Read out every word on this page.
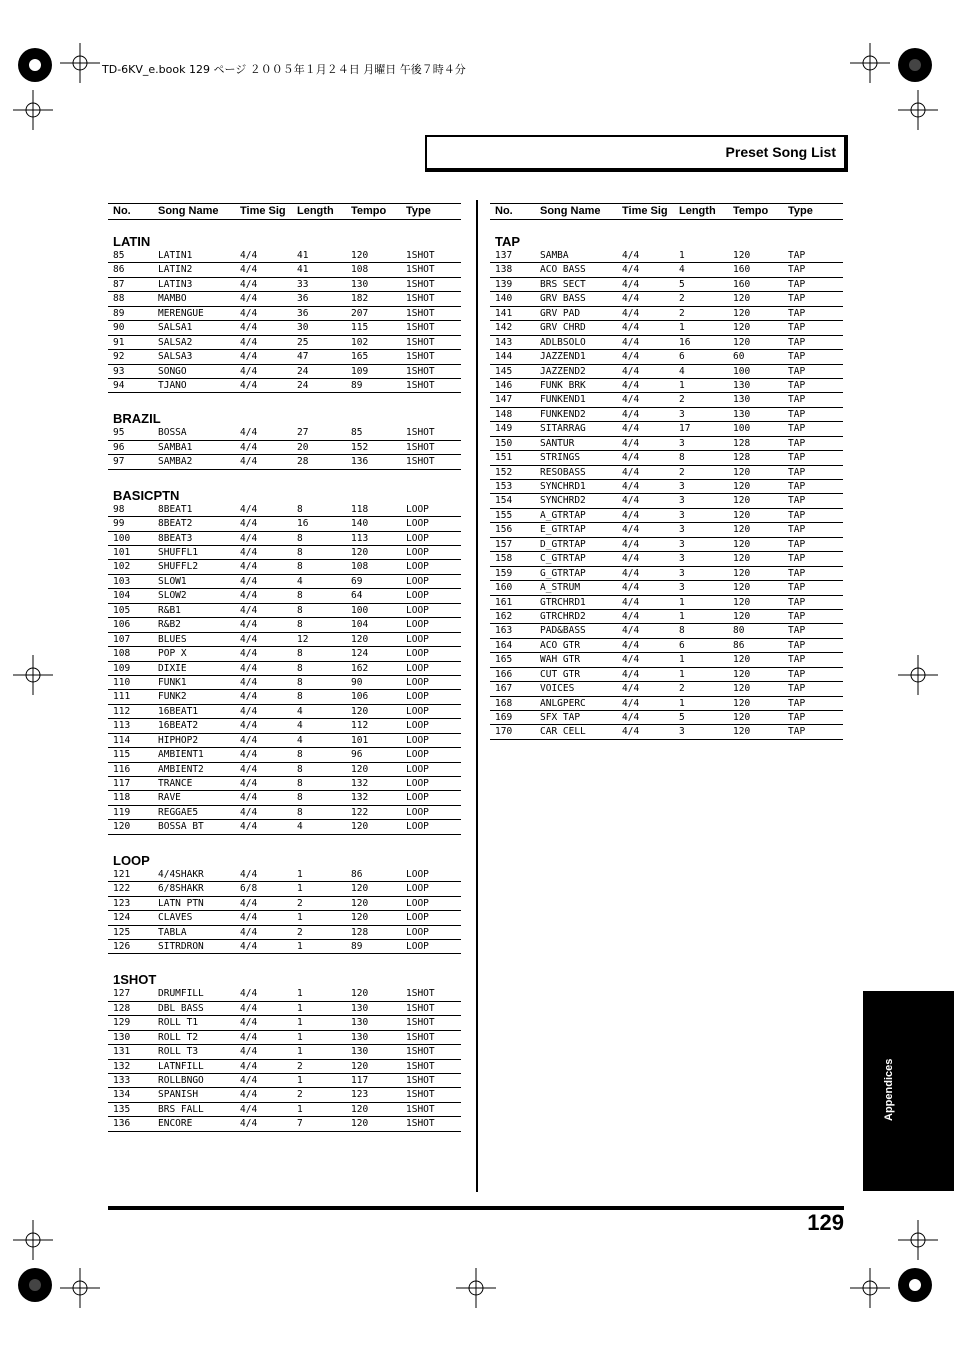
TD-6KV_e.book 129 ページ ２００５年１月２４日 月曜日 午後７時４分
Preset Song List
No. Song Name Time Sig Length Tempo Type
LATIN
85	LATIN1	4/4	41	120	1SHOT
86	LATIN2	4/4	41	108	1SHOT
87	LATIN3	4/4	33	130	1SHOT
88	MAMBO	4/4	36	182	1SHOT
89	MERENGUE	4/4	36	207	1SHOT
90	SALSA1	4/4	30	115	1SHOT
91	SALSA2	4/4	25	102	1SHOT
92	SALSA3	4/4	47	165	1SHOT
93	SONGO	4/4	24	109	1SHOT
94	TJANO	4/4	24	89	1SHOT
BRAZIL
95	BOSSA	4/4	27	85	1SHOT
96	SAMBA1	4/4	20	152	1SHOT
97	SAMBA2	4/4	28	136	1SHOT
BASICPTN
98	8BEAT1	4/4	8	118	LOOP
99	8BEAT2	4/4	16	140	LOOP
100	8BEAT3	4/4	8	113	LOOP
101	SHUFFL1	4/4	8	120	LOOP
102	SHUFFL2	4/4	8	108	LOOP
103	SLOW1	4/4	4	69	LOOP
104	SLOW2	4/4	8	64	LOOP
105	R&B1	4/4	8	100	LOOP
106	R&B2	4/4	8	104	LOOP
107	BLUES	4/4	12	120	LOOP
108	POP X	4/4	8	124	LOOP
109	DIXIE	4/4	8	162	LOOP
110	FUNK1	4/4	8	90	LOOP
111	FUNK2	4/4	8	106	LOOP
112	16BEAT1	4/4	4	120	LOOP
113	16BEAT2	4/4	4	112	LOOP
114	HIPHOP2	4/4	4	101	LOOP
115	AMBIENT1	4/4	8	96	LOOP
116	AMBIENT2	4/4	8	120	LOOP
117	TRANCE	4/4	8	132	LOOP
118	RAVE	4/4	8	132	LOOP
119	REGGAE5	4/4	8	122	LOOP
120	BOSSA BT	4/4	4	120	LOOP
LOOP
121	4/4SHAKR	4/4	1	86	LOOP
122	6/8SHAKR	6/8	1	120	LOOP
123	LATN PTN	4/4	2	120	LOOP
124	CLAVES	4/4	1	120	LOOP
125	TABLA	4/4	2	128	LOOP
126	SITRDRON	4/4	1	89	LOOP
1SHOT
127	DRUMFILL	4/4	1	120	1SHOT
128	DBL BASS	4/4	1	130	1SHOT
129	ROLL T1	4/4	1	130	1SHOT
130	ROLL T2	4/4	1	130	1SHOT
131	ROLL T3	4/4	1	130	1SHOT
132	LATNFILL	4/4	2	120	1SHOT
133	ROLLBNGO	4/4	1	117	1SHOT
134	SPANISH	4/4	2	123	1SHOT
135	BRS FALL	4/4	1	120	1SHOT
136	ENCORE	4/4	7	120	1SHOT
No. Song Name Time Sig Length Tempo Type
TAP
137	SAMBA	4/4	1	120	TAP
138	ACO BASS	4/4	4	160	TAP
139	BRS SECT	4/4	5	160	TAP
140	GRV BASS	4/4	2	120	TAP
141	GRV PAD	4/4	2	120	TAP
142	GRV CHRD	4/4	1	120	TAP
143	ADLBSOLO	4/4	16	120	TAP
144	JAZZEND1	4/4	6	60	TAP
145	JAZZEND2	4/4	4	100	TAP
146	FUNK BRK	4/4	1	130	TAP
147	FUNKEND1	4/4	2	130	TAP
148	FUNKEND2	4/4	3	130	TAP
149	SITARRAG	4/4	17	100	TAP
150	SANTUR	4/4	3	128	TAP
151	STRINGS	4/4	8	128	TAP
152	RESOBASS	4/4	2	120	TAP
153	SYNCHRD1	4/4	3	120	TAP
154	SYNCHRD2	4/4	3	120	TAP
155	A_GTRTAP	4/4	3	120	TAP
156	E_GTRTAP	4/4	3	120	TAP
157	D_GTRTAP	4/4	3	120	TAP
158	C_GTRTAP	4/4	3	120	TAP
159	G_GTRTAP	4/4	3	120	TAP
160	A_STRUM	4/4	3	120	TAP
161	GTRCHRD1	4/4	1	120	TAP
162	GTRCHRD2	4/4	1	120	TAP
163	PAD&BASS	4/4	8	80	TAP
164	ACO GTR	4/4	6	86	TAP
165	WAH GTR	4/4	1	120	TAP
166	CUT GTR	4/4	1	120	TAP
167	VOICES	4/4	2	120	TAP
168	ANLGPERC	4/4	1	120	TAP
169	SFX TAP	4/4	5	120	TAP
170	CAR CELL	4/4	3	120	TAP
Appendices
129
